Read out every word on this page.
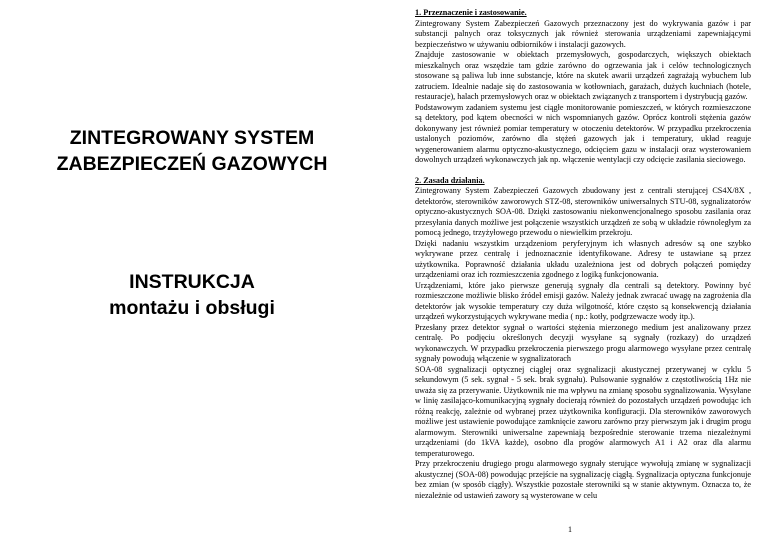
ZINTEGROWANY SYSTEM
ZABEZPIECZEŃ GAZOWYCH
INSTRUKCJA
montażu i obsługi
1. Przeznaczenie i zastosowanie.

Zintegrowany System Zabezpieczeń Gazowych przeznaczony jest do wykrywania gazów i par substancji palnych oraz toksycznych jak również sterowania urządzeniami zapewniającymi bezpieczeństwo w używaniu odbiorników i instalacji gazowych.

Znajduje zastosowanie w obiektach przemysłowych, gospodarczych, większych obiektach mieszkalnych oraz wszędzie tam gdzie zarówno do ogrzewania jak i celów technologicznych stosowane są paliwa lub inne substancje, które na skutek awarii urządzeń zagrażają wybuchem lub zatruciem. Idealnie nadaje się do zastosowania w kotłowniach, garażach, dużych kuchniach (hotele, restauracje), halach przemysłowych oraz w obiektach związanych z transportem i dystrybucją gazów.

Podstawowym zadaniem systemu jest ciągłe monitorowanie pomieszczeń, w których rozmieszczone są detektory, pod kątem obecności w nich wspomnianych gazów. Oprócz kontroli stężenia gazów dokonywany jest również pomiar temperatury w otoczeniu detektorów. W przypadku przekroczenia ustalonych poziomów, zarówno dla stężeń gazowych jak i temperatury, układ reaguje wygenerowaniem alarmu optyczno-akustycznego, odcięciem gazu w instalacji oraz wysterowaniem dowolnych urządzeń wykonawczych jak np. włączenie wentylacji czy odcięcie zasilania sieciowego.

2. Zasada działania.

Zintegrowany System Zabezpieczeń Gazowych zbudowany jest z centrali sterującej CS4X/8X , detektorów, sterowników zaworowych STZ-08, sterowników uniwersalnych STU-08, sygnalizatorów optyczno-akustycznych SOA-08. Dzięki zastosowaniu niekonwencjonalnego sposobu zasilania oraz przesyłania danych możliwe jest połączenie wszystkich urządzeń ze sobą w układzie równoległym za pomocą jednego, trzyżyłowego przewodu o niewielkim przekroju.

Dzięki nadaniu wszystkim urządzeniom peryferyjnym ich własnych adresów są one szybko wykrywane przez centralę i jednoznacznie identyfikowane. Adresy te ustawiane są przez użytkownika. Poprawność działania układu uzależniona jest od dobrych połączeń pomiędzy urządzeniami oraz ich rozmieszczenia zgodnego z logiką funkcjonowania.

Urządzeniami, które jako pierwsze generują sygnały dla centrali są detektory. Powinny być rozmieszczone możliwie blisko źródeł emisji gazów. Należy jednak zwracać uwagę na zagrożenia dla detektorów jak wysokie temperatury czy duża wilgotność, które często są konsekwencją działania urządzeń wykorzystujących wykrywane media ( np.: kotły, podgrzewacze wody itp.).

Przesłany przez detektor sygnał o wartości stężenia mierzonego medium jest analizowany przez centralę. Po podjęciu określonych decyzji wysyłane są sygnały (rozkazy) do urządzeń wykonawczych. W przypadku przekroczenia pierwszego progu alarmowego wysyłane przez centralę sygnały powodują włączenie w sygnalizatorach

SOA-08 sygnalizacji optycznej ciągłej oraz sygnalizacji akustycznej przerywanej w cyklu 5 sekundowym (5 sek. sygnał - 5 sek. brak sygnału). Pulsowanie sygnałów z częstotliwością 1Hz nie uważa się za przerywanie. Użytkownik nie ma wpływu na zmianę sposobu sygnalizowania. Wysyłane w linię zasilająco-komunikacyjną sygnały docierają również do pozostałych urządzeń powodując ich różną reakcję, zależnie od wybranej przez użytkownika konfiguracji. Dla sterowników zaworowych możliwe jest ustawienie powodujące zamknięcie zaworu zarówno przy pierwszym jak i drugim progu alarmowym. Sterowniki uniwersalne zapewniają bezpośrednie sterowanie trzema niezależnymi urządzeniami (do 1kVA każde), osobno dla progów alarmowych A1 i A2 oraz dla alarmu temperaturowego.

Przy przekroczeniu drugiego progu alarmowego sygnały sterujące wywołują zmianę w sygnalizacji akustycznej (SOA-08) powodując przejście na sygnalizację ciągłą. Sygnalizacja optyczna funkcjonuje bez zmian (w sposób ciągły). Wszystkie pozostałe sterowniki są w stanie aktywnym. Oznacza to, że niezależnie od ustawień zawory są wysterowane w celu

1
